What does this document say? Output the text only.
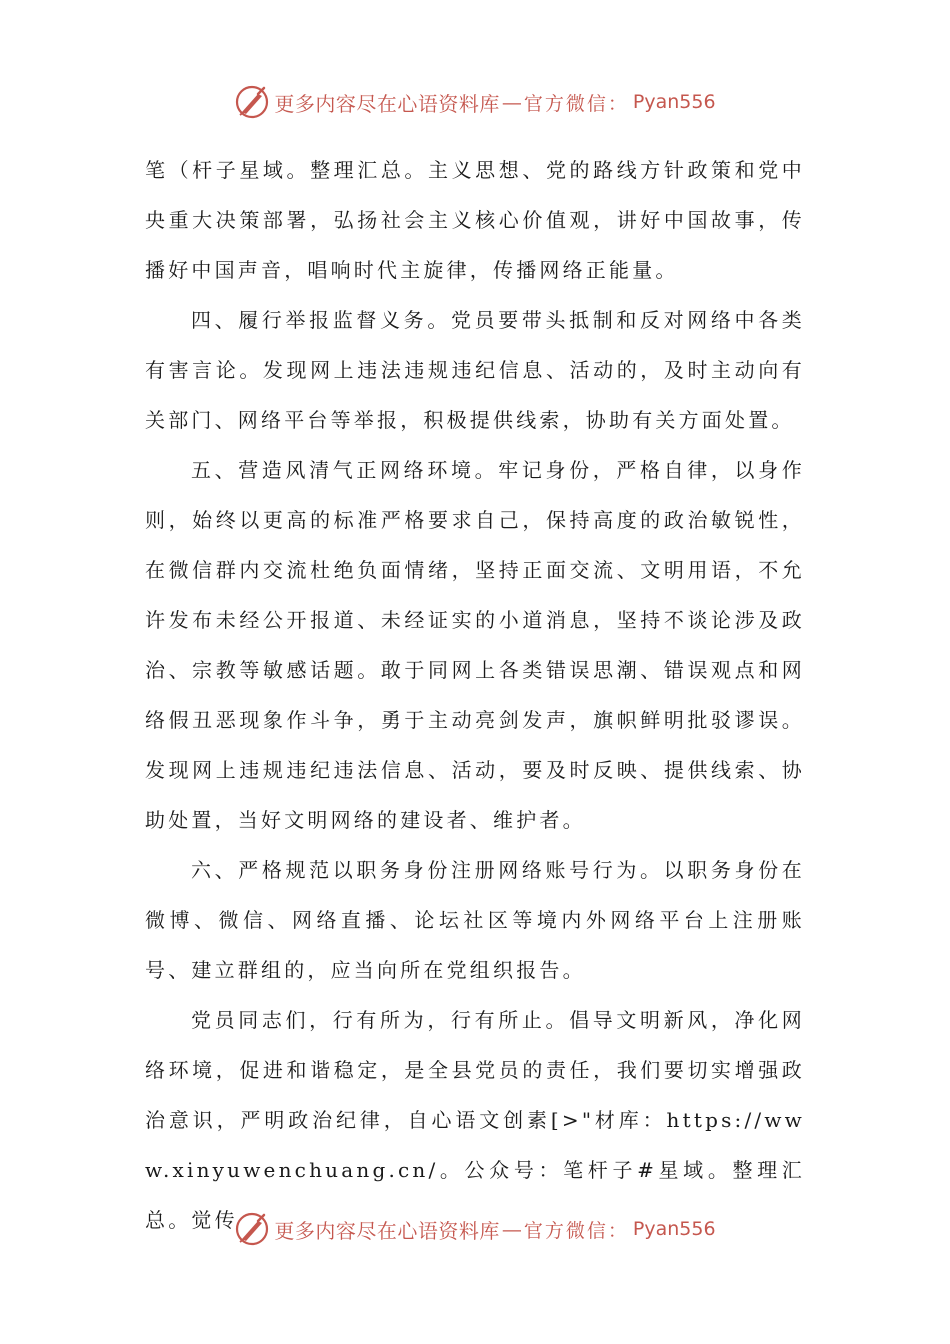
更多内容尽在心语资料库 — 官方微信： Pyan556

笔（杆子星域。整理汇总。主义思想、党的路线方针政策和党中央重大决策部署，弘扬社会主义核心价值观，讲好中国故事，传播好中国声音，唱响时代主旋律，传播网络正能量。

四、履行举报监督义务。党员要带头抵制和反对网络中各类有害言论。发现网上违法违规违纪信息、活动的，及时主动向有关部门、网络平台等举报，积极提供线索，协助有关方面处置。

五、营造风清气正网络环境。牢记身份，严格自律，以身作则，始终以更高的标准严格要求自己，保持高度的政治敏锐性，在微信群内交流杜绝负面情绪，坚持正面交流、文明用语，不允许发布未经公开报道、未经证实的小道消息，坚持不谈论涉及政治、宗教等敏感话题。敢于同网上各类错误思潮、错误观点和网络假丑恶现象作斗争，勇于主动亮剑发声，旗帜鲜明批驳谬误。发现网上违规违纪违法信息、活动，要及时反映、提供线索、协助处置，当好文明网络的建设者、维护者。

六、严格规范以职务身份注册网络账号行为。以职务身份在微博、微信、网络直播、论坛社区等境内外网络平台上注册账号、建立群组的，应当向所在党组织报告。

党员同志们，行有所为，行有所止。倡导文明新风，净化网络环境，促进和谐稳定，是全县党员的责任，我们要切实增强政治意识，严明政治纪律，自心语文创素[>"材库：https://www.xinyuwenchuang.cn/。公众号：笔杆子#星域。整理汇总。觉传	更多内容尽在心语资料库 — 官方微信： Pyan556
